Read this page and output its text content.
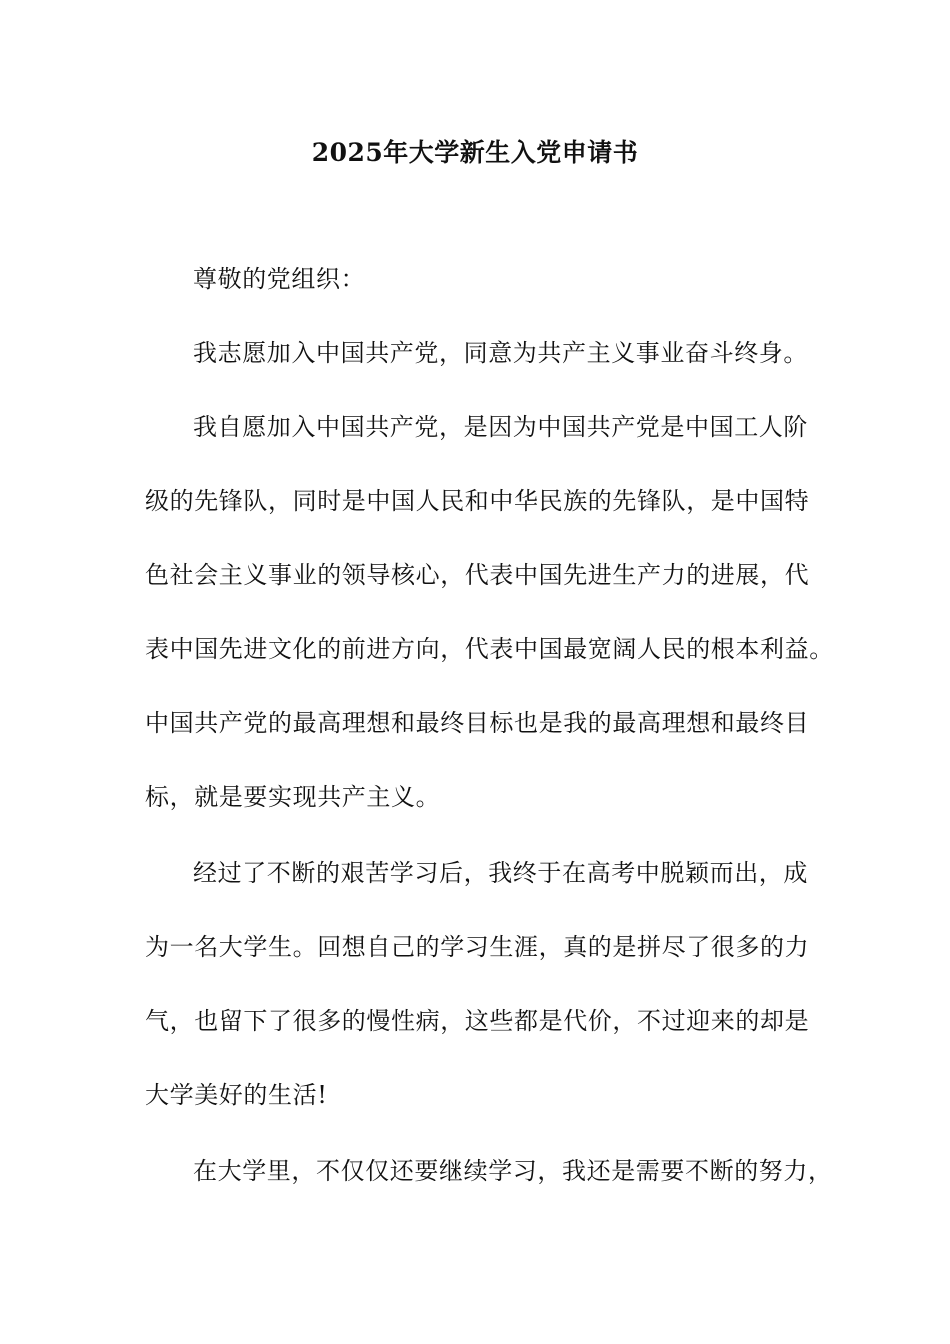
2025年大学新生入党申请书
尊敬的党组织：
我志愿加入中国共产党，同意为共产主义事业奋斗终身。
我自愿加入中国共产党，是因为中国共产党是中国工人阶
级的先锋队，同时是中国人民和中华民族的先锋队，是中国特
色社会主义事业的领导核心，代表中国先进生产力的进展，代
表中国先进文化的前进方向，代表中国最宽阔人民的根本利益。
中国共产党的最高理想和最终目标也是我的最高理想和最终目
标，就是要实现共产主义。
经过了不断的艰苦学习后，我终于在高考中脱颖而出，成
为一名大学生。回想自己的学习生涯，真的是拼尽了很多的力
气，也留下了很多的慢性病，这些都是代价，不过迎来的却是
大学美好的生活!
在大学里，不仅仅还要继续学习，我还是需要不断的努力，
